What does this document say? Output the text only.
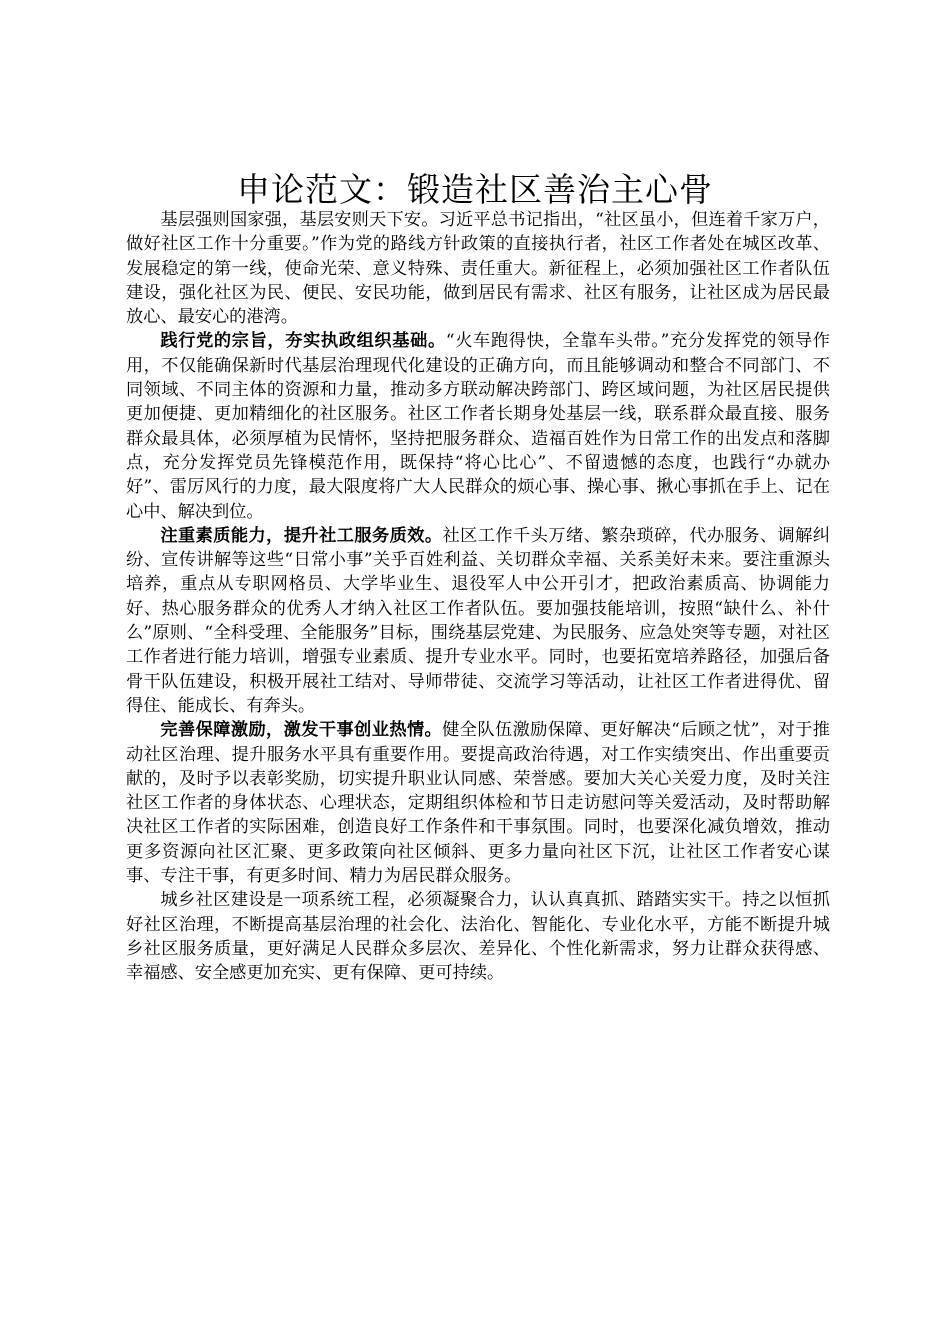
申论范文：锻造社区善治主心骨

基层强则国家强，基层安则天下安。习近平总书记指出，“社区虽小，但连着千家万户，做好社区工作十分重要。”作为党的路线方针政策的直接执行者，社区工作者处在城区改革、发展稳定的第一线，使命光荣、意义特殊、责任重大。新征程上，必须加强社区工作者队伍建设，强化社区为民、便民、安民功能，做到居民有需求、社区有服务，让社区成为居民最放心、最安心的港湾。

践行党的宗旨，夯实执政组织基础。“火车跑得快，全靠车头带。”充分发挥党的领导作用，不仅能确保新时代基层治理现代化建设的正确方向，而且能够调动和整合不同部门、不同领域、不同主体的资源和力量，推动多方联动解决跨部门、跨区域问题，为社区居民提供更加便捷、更加精细化的社区服务。社区工作者长期身处基层一线，联系群众最直接、服务群众最具体，必须厚植为民情怀，坚持把服务群众、造福百姓作为日常工作的出发点和落脚点，充分发挥党员先锋模范作用，既保持“将心比心”、不留遗憾的态度，也践行“办就办好”、雷厉风行的力度，最大限度将广大人民群众的烦心事、操心事、揪心事抓在手上、记在心中、解决到位。

注重素质能力，提升社工服务质效。社区工作千头万绪、繁杂琐碎，代办服务、调解纠纷、宣传讲解等这些“日常小事”关乎百姓利益、关切群众幸福、关系美好未来。要注重源头培养，重点从专职网格员、大学毕业生、退役军人中公开引才，把政治素质高、协调能力好、热心服务群众的优秀人才纳入社区工作者队伍。要加强技能培训，按照“缺什么、补什么”原则、“全科受理、全能服务”目标，围绕基层党建、为民服务、应急处突等专题，对社区工作者进行能力培训，增强专业素质、提升专业水平。同时，也要拓宽培养路径，加强后备骨干队伍建设，积极开展社工结对、导师带徒、交流学习等活动，让社区工作者进得优、留得住、能成长、有奔头。

完善保障激励，激发干事创业热情。健全队伍激励保障、更好解决“后顾之忧”，对于推动社区治理、提升服务水平具有重要作用。要提高政治待遇，对工作实绩突出、作出重要贡献的，及时予以表彰奖励，切实提升职业认同感、荣誉感。要加大关心关爱力度，及时关注社区工作者的身体状态、心理状态，定期组织体检和节日走访慰问等关爱活动，及时帮助解决社区工作者的实际困难，创造良好工作条件和干事氛围。同时，也要深化减负增效，推动更多资源向社区汇聚、更多政策向社区倾斜、更多力量向社区下沉，让社区工作者安心谋事、专注干事，有更多时间、精力为居民群众服务。

城乡社区建设是一项系统工程，必须凝聚合力，认认真真抓、踏踏实实干。持之以恒抓好社区治理，不断提高基层治理的社会化、法治化、智能化、专业化水平，方能不断提升城乡社区服务质量，更好满足人民群众多层次、差异化、个性化新需求，努力让群众获得感、幸福感、安全感更加充实、更有保障、更可持续。
